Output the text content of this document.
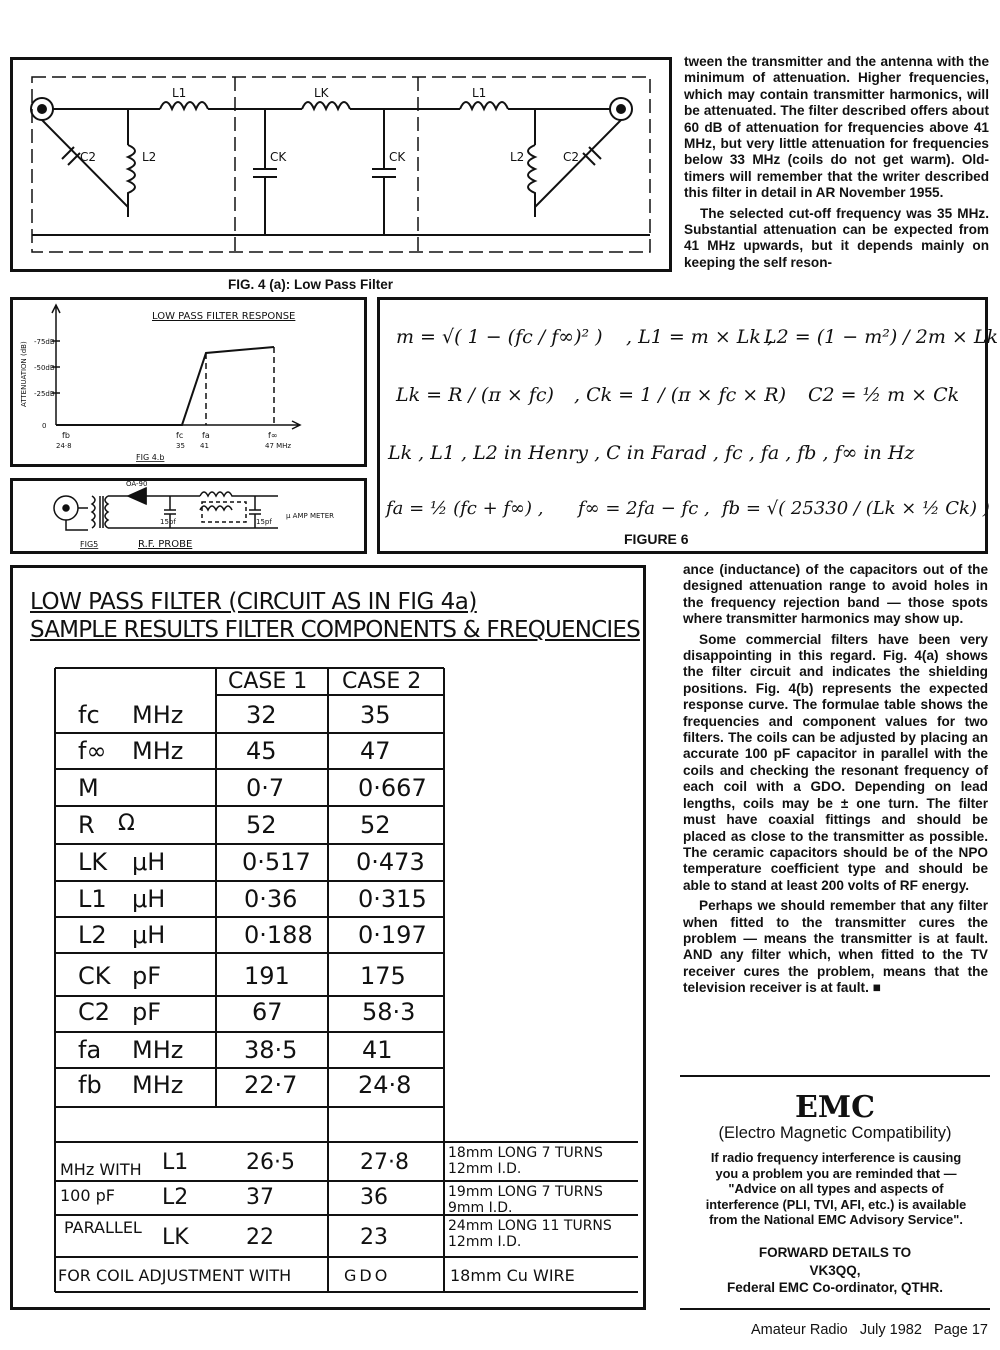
L1	LK	L1
C2	L2	CK	CK	L2	C2
FIG. 4 (a): Low Pass Filter

tween the transmitter and the antenna with the minimum of attenuation. Higher frequencies, which may contain transmitter harmonics, will be attenuated. The filter described offers about 60 dB of attenuation for frequencies above 41 MHz, but very little attenuation for frequencies below 33 MHz (coils do not get warm). Old-timers will remember that the writer described this filter in detail in AR November 1955.

The selected cut-off frequency was 35 MHz. Substantial attenuation can be expected from 41 MHz upwards, but it depends mainly on keeping the self reson-

LOW PASS FILTER RESPONSE
ATTENUATION (dB) -75dB
-50dB
-25dB
0
fb
24·8
fc
35
fa
41
f∞
47 MHz
FIG 4.b
OA-90
15pf	15pf
μ AMP METER
FIG5	R.F. PROBE
m = √( 1 − (fc / f∞)² ) , L1 = m × Lk ,
L2 = (1 − m²) / 2m × Lk
Lk = R / (π × fc) , Ck = 1 / (π × fc × R) C2 = ½ m × Ck
Lk , L1 , L2 in Henry , C in Farad , fc , fa , fb , f∞ in Hz
fa = ½ (fc + f∞) , f∞ = 2fa − fc , fb = √( 25330 / (Lk × ½ Ck) )
FIGURE 6
LOW PASS FILTER (CIRCUIT AS IN FIG 4a)
SAMPLE RESULTS FILTER COMPONENTS & FREQUENCIES
CASE 1 CASE 2
fc MHz	32	35
f∞ MHz	45	47
M	0·7	0·667
R Ω	52	52
LK μH	0·517 0·473
L1 μH	0·36	0·315
L2 μH	0·188 0·197
CK pF	191	175
C2 pF	67	58·3
fa MHz	38·5	41
fb MHz	22·7	24·8
MHz WITH
100 pF
PARALLEL
L1	26·5	27·8	18mm LONG 7 TURNS
12mm I.D.
L2	37	36	19mm LONG 7 TURNS
9mm I.D.
LK	22	23	24mm LONG 11 TURNS
12mm I.D.
FOR COIL ADJUSTMENT WITH	GDO	18mm Cu WIRE

ance (inductance) of the capacitors out of the designed attenuation range to avoid holes in the frequency rejection band — those spots where transmitter harmonics may show up.

Some commercial filters have been very disappointing in this regard. Fig. 4(a) shows the filter circuit and indicates the shielding positions. Fig. 4(b) represents the expected response curve. The formulae table shows the frequencies and component values for two filters. The coils can be adjusted by placing an accurate 100 pF capacitor in parallel with the coils and checking the resonant frequency of each coil with a GDO. Depending on lead lengths, coils may be ± one turn. The filter must have coaxial fittings and should be placed as close to the transmitter as possible. The ceramic capacitors should be of the NPO temperature coefficient type and should be able to stand at least 200 volts of RF energy.

Perhaps we should remember that any filter when fitted to the transmitter cures the problem — means the transmitter is at fault. AND any filter which, when fitted to the TV receiver cures the problem, means that the television receiver is at fault. ■

EMC
(Electro Magnetic Compatibility)
If radio frequency interference is causing you a problem you are reminded that — "Advice on all types and aspects of interference (PLI, TVI, AFI, etc.) is available from the National EMC Advisory Service".
FORWARD DETAILS TO
VK3QQ,
Federal EMC Co-ordinator, QTHR.
Amateur Radio   July 1982   Page 17
